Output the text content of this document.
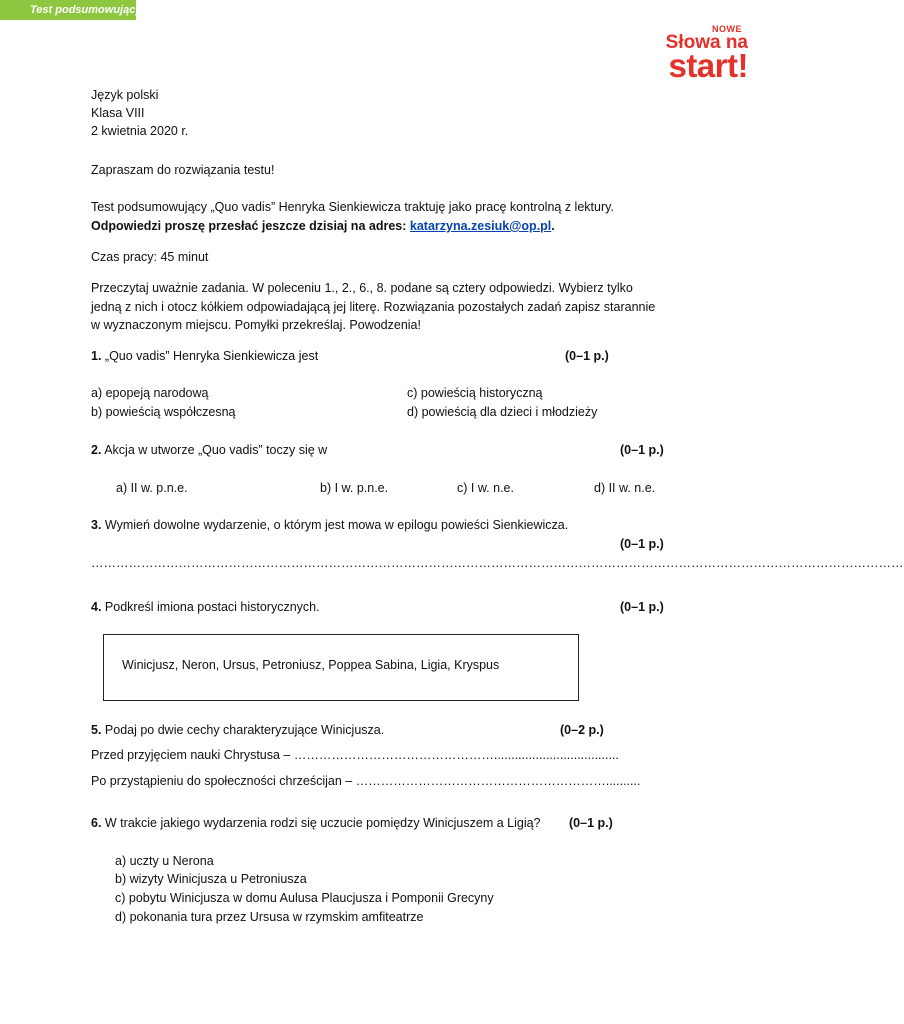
Test podsumowujący
NOWE
Słowa na
start!
Język polski
Klasa VIII
2 kwietnia 2020 r.
Zapraszam do rozwiązania testu!
Test podsumowujący „Quo vadis” Henryka Sienkiewicza traktuję jako pracę kontrolną z lektury.
Odpowiedzi proszę przesłać jeszcze dzisiaj na adres: katarzyna.zesiuk@op.pl.
Czas pracy: 45 minut
Przeczytaj uważnie zadania. W poleceniu 1., 2., 6., 8. podane są cztery odpowiedzi. Wybierz tylko
jedną z nich i otocz kółkiem odpowiadającą jej literę. Rozwiązania pozostałych zadań zapisz starannie
w wyznaczonym miejscu. Pomyłki przekreślaj. Powodzenia!
1. „Quo vadis” Henryka Sienkiewicza jest	(0–1 p.)
a) epopeją narodową
b) powieścią współczesną
c) powieścią historyczną
d) powieścią dla dzieci i młodzieży
2. Akcja w utworze „Quo vadis” toczy się w	(0–1 p.)
a) II w. p.n.e.	b) I w. p.n.e.	c) I w. n.e.	d) II w. n.e.
3. Wymień dowolne wydarzenie, o którym jest mowa w epilogu powieści Sienkiewicza.
(0–1 p.)
……………………………………………………………………………………………………………………………………………………………………………
4. Podkreśl imiona postaci historycznych.	(0–1 p.)
Winicjusz, Neron, Ursus, Petroniusz, Poppea Sabina, Ligia, Kryspus
5. Podaj po dwie cechy charakteryzujące Winicjusza.	(0–2 p.)
Przed przyjęciem nauki Chrystusa – …………………………………………....................................
Po przystąpieniu do społeczności chrześcijan – ……………………………………………………..........
6. W trakcie jakiego wydarzenia rodzi się uczucie pomiędzy Winicjuszem a Ligią? (0–1 p.)
a) uczty u Nerona
b) wizyty Winicjusza u Petroniusza
c) pobytu Winicjusza w domu Aulusa Plaucjusza i Pomponii Grecyny
d) pokonania tura przez Ursusa w rzymskim amfiteatrze
